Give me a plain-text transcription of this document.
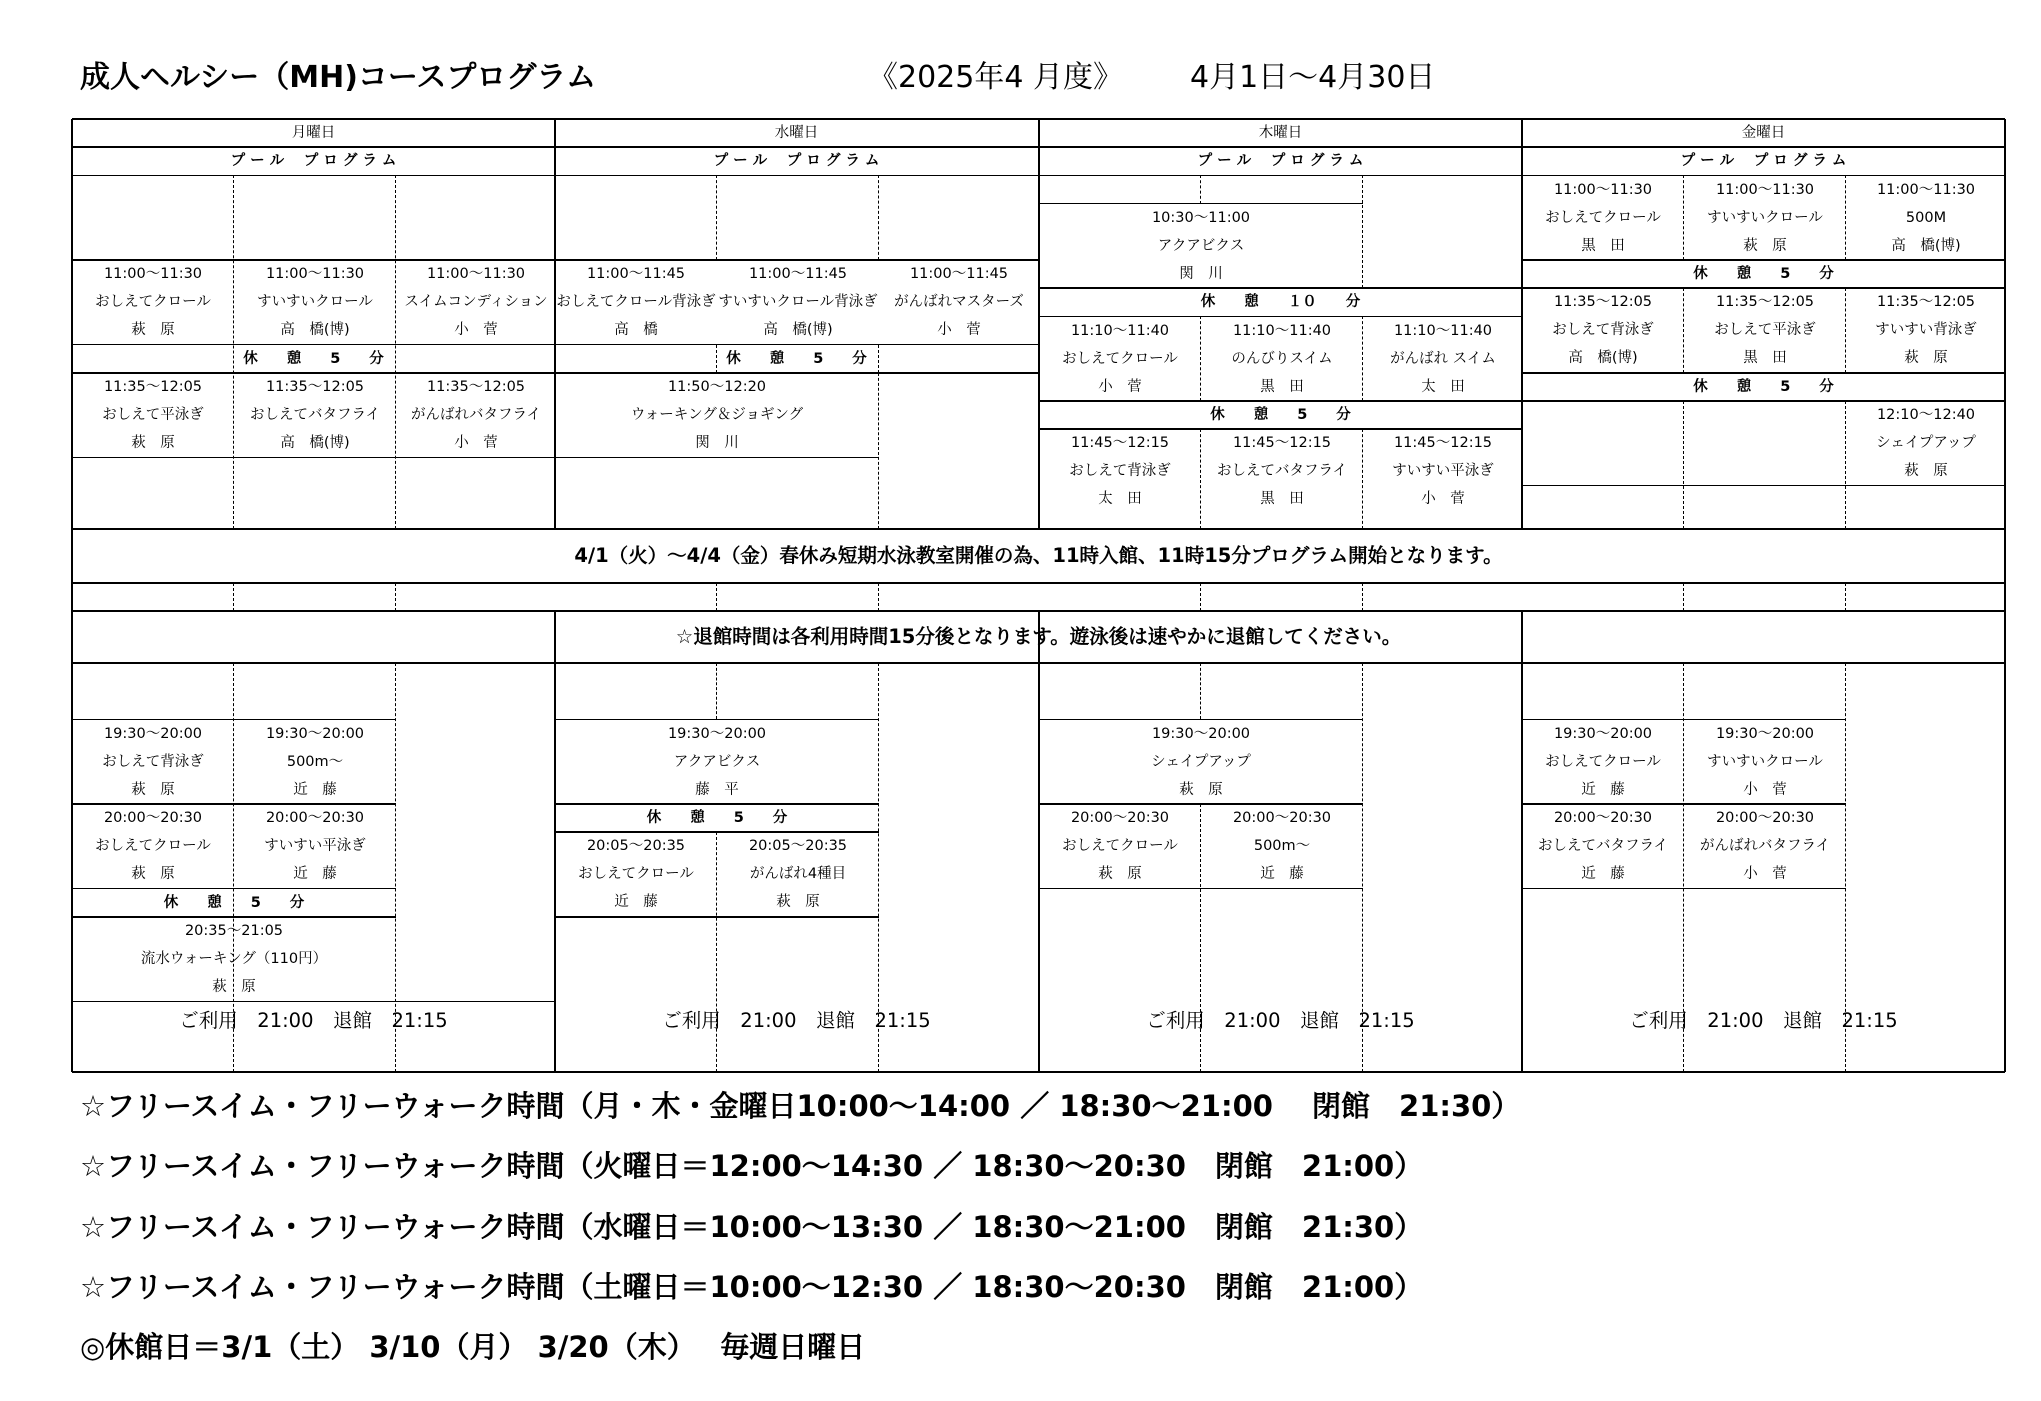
成人ヘルシー（MH)コースプログラム	《2025年4 月度》 4月1日～4月30日
月曜日
プ ー ル　 プ ロ グ ラ ム
水曜日
プ ー ル　 プ ロ グ ラ ム
木曜日
プ ー ル　 プ ロ グ ラ ム
金曜日
プ ー ル　 プ ロ グ ラ ム
4/1（火）～4/4（金）春休み短期水泳教室開催の為、11時入館、11時15分プログラム開始となります。
☆退館時間は各利用時間15分後となります。遊泳後は速やかに退館してください。
11:00～11:30
おしえてクロール
萩　原
11:00～11:30
すいすいクロール
高　橋(博)
11:00～11:30
スイムコンディション
小　菅
休　　憩　　5　　分
11:35～12:05
おしえて平泳ぎ
萩　原
11:35～12:05
おしえてバタフライ
高　橋(博)
11:35～12:05
がんばれバタフライ
小　菅
19:30～20:00
おしえて背泳ぎ
萩　原
19:30～20:00
500m～
近　藤
20:00～20:30
おしえてクロール
萩　原
20:00～20:30
すいすい平泳ぎ
近　藤
休　　憩　　5　　分
20:35～21:05
流水ウォーキング（110円）
萩　原
ご利用　21:00　退館　21:15
11:00～11:45
おしえてクロール背泳ぎ
高　橋
11:00～11:45
すいすいクロール背泳ぎ
高　橋(博)
11:00～11:45
がんばれマスターズ
小　菅
休　　憩　　5　　分
11:50～12:20
ウォーキング＆ジョギング
関　川
19:30～20:00
アクアビクス
藤　平
休　　憩　　5　　分
20:05～20:35
おしえてクロール
近　藤
20:05～20:35
がんばれ4種目
萩　原
ご利用　21:00　退館　21:15
10:30～11:00
アクアビクス
関　川
休　　憩　　１０　　分
11:10～11:40
おしえてクロール
小　菅
11:10～11:40
のんびりスイム
黒　田
11:10～11:40
がんばれ スイム
太　田
休　　憩　　5　　分
11:45～12:15
おしえて背泳ぎ
太　田
11:45～12:15
おしえてバタフライ
黒　田
11:45～12:15
すいすい平泳ぎ
小　菅
19:30～20:00
シェイプアップ
萩　原
20:00～20:30
おしえてクロール
萩　原
20:00～20:30
500m～
近　藤
ご利用　21:00　退館　21:15
11:00～11:30
おしえてクロール
黒　田
11:00～11:30
すいすいクロール
萩　原
11:00～11:30
500M
高　橋(博)
休　　憩　　5　　分
11:35～12:05
おしえて背泳ぎ
高　橋(博)
11:35～12:05
おしえて平泳ぎ
黒　田
11:35～12:05
すいすい背泳ぎ
萩　原
休　　憩　　5　　分
12:10～12:40
シェイプアップ
萩　原
19:30～20:00
おしえてクロール
近　藤
19:30～20:00
すいすいクロール
小　菅
20:00～20:30
おしえてバタフライ
近　藤
20:00～20:30
がんばれバタフライ
小　菅
ご利用　21:00　退館　21:15
☆フリースイム・フリーウォーク時間（月・木・金曜日10:00～14:00 ／ 18:30～21:00　 閉館　21:30）
☆フリースイム・フリーウォーク時間（火曜日＝12:00～14:30 ／ 18:30～20:30　閉館　21:00）
☆フリースイム・フリーウォーク時間（水曜日＝10:00～13:30 ／ 18:30～21:00　閉館　21:30）
☆フリースイム・フリーウォーク時間（土曜日＝10:00～12:30 ／ 18:30～20:30　閉館　21:00）
◎休館日＝3/1（土） 3/10（月） 3/20（木）　 毎週日曜日
